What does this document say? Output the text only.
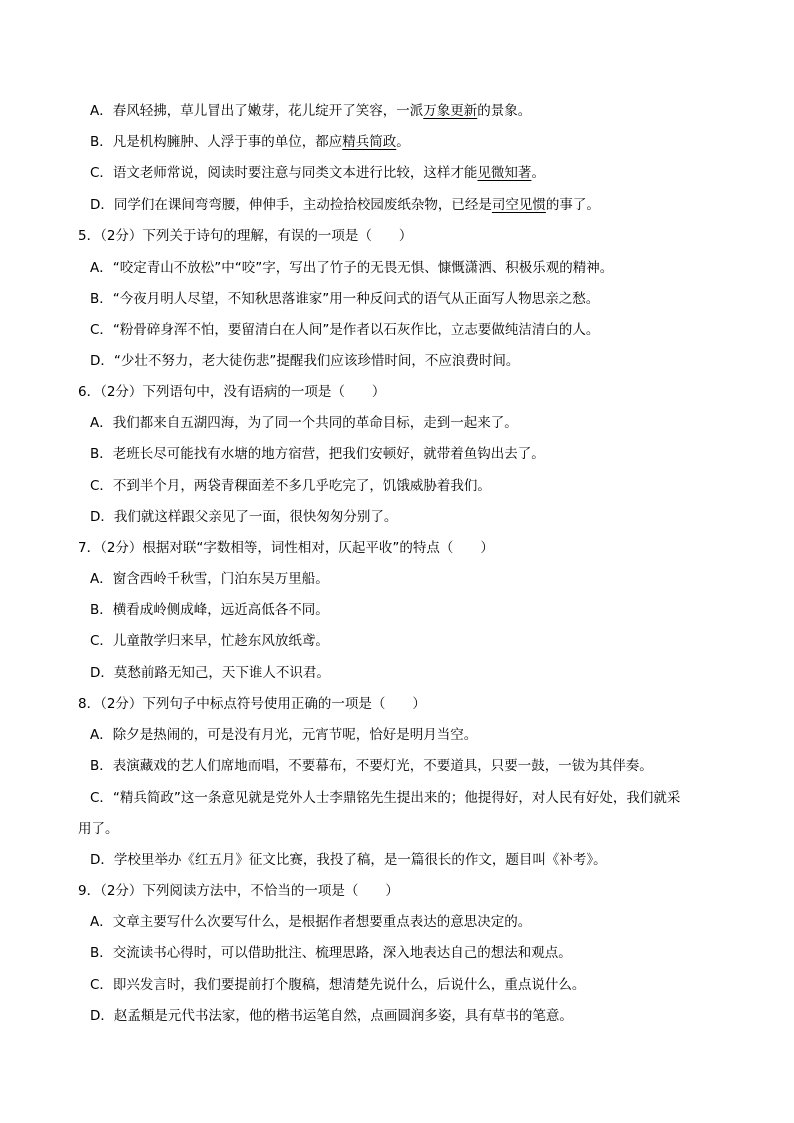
A．春风轻拂，草儿冒出了嫩芽，花儿绽开了笑容，一派万象更新的景象。
B．凡是机构臃肿、人浮于事的单位，都应精兵简政。
C．语文老师常说，阅读时要注意与同类文本进行比较，这样才能见微知著。
D．同学们在课间弯弯腰，伸伸手，主动捡拾校园废纸杂物，已经是司空见惯的事了。
5．（2分）下列关于诗句的理解，有误的一项是（　　）
A．“咬定青山不放松”中“咬”字，写出了竹子的无畏无惧、慷慨潇洒、积极乐观的精神。
B．“今夜月明人尽望，不知秋思落谁家”用一种反问式的语气从正面写人物思亲之愁。
C．“粉骨碎身浑不怕，要留清白在人间”是作者以石灰作比，立志要做纯洁清白的人。
D．“少壮不努力，老大徒伤悲”提醒我们应该珍惜时间，不应浪费时间。
6．（2分）下列语句中，没有语病的一项是（　　）
A．我们都来自五湖四海，为了同一个共同的革命目标，走到一起来了。
B．老班长尽可能找有水塘的地方宿营，把我们安顿好，就带着鱼钩出去了。
C．不到半个月，两袋青稞面差不多几乎吃完了，饥饿威胁着我们。
D．我们就这样跟父亲见了一面，很快匆匆分别了。
7．（2分）根据对联“字数相等，词性相对，仄起平收”的特点（　　）
A．窗含西岭千秋雪，门泊东吴万里船。
B．横看成岭侧成峰，远近高低各不同。
C．儿童散学归来早，忙趁东风放纸鸢。
D．莫愁前路无知己，天下谁人不识君。
8．（2分）下列句子中标点符号使用正确的一项是（　　）
A．除夕是热闹的，可是没有月光，元宵节呢，恰好是明月当空。
B．表演藏戏的艺人们席地而唱，不要幕布，不要灯光，不要道具，只要一鼓，一钹为其伴奏。
C．“精兵简政”这一条意见就是党外人士李鼎铭先生提出来的；他提得好，对人民有好处，我们就采
用了。
D．学校里举办《红五月》征文比赛，我投了稿，是一篇很长的作文，题目叫《补考》。
9．（2分）下列阅读方法中，不恰当的一项是（　　）
A．文章主要写什么次要写什么，是根据作者想要重点表达的意思决定的。
B．交流读书心得时，可以借助批注、梳理思路，深入地表达自己的想法和观点。
C．即兴发言时，我们要提前打个腹稿，想清楚先说什么，后说什么，重点说什么。
D．赵孟頫是元代书法家，他的楷书运笔自然，点画圆润多姿，具有草书的笔意。
